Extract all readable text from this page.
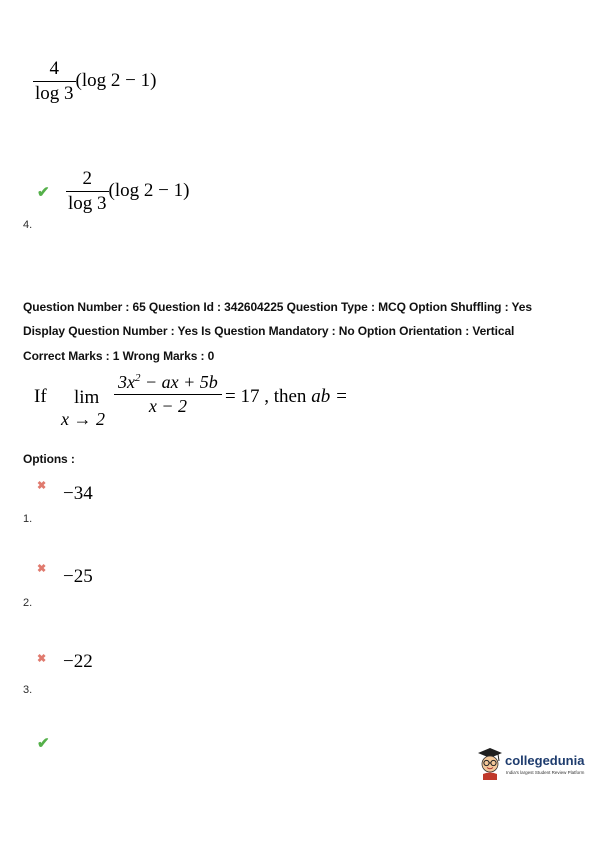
$\frac{4}{\log 3} (\log$ 2 − 1)
✔ $\frac{2}{\log 3} (\log$ 2 − 1)
4.
Question Number : 65 Question Id : 342604225 Question Type : MCQ Option Shuffling : Yes
Display Question Number : Yes Is Question Mandatory : No Option Orientation : Vertical
Correct Marks : 1 Wrong Marks : 0
If lim
x → 2
$\frac{3x^2 - ax + 5b}{x - 2} = 17$ , then ab =
Options :
✖ −34
1.
✖ −25
2.
✖ −22
3.
✔
collegedunia
India's largest Student Review Platform
